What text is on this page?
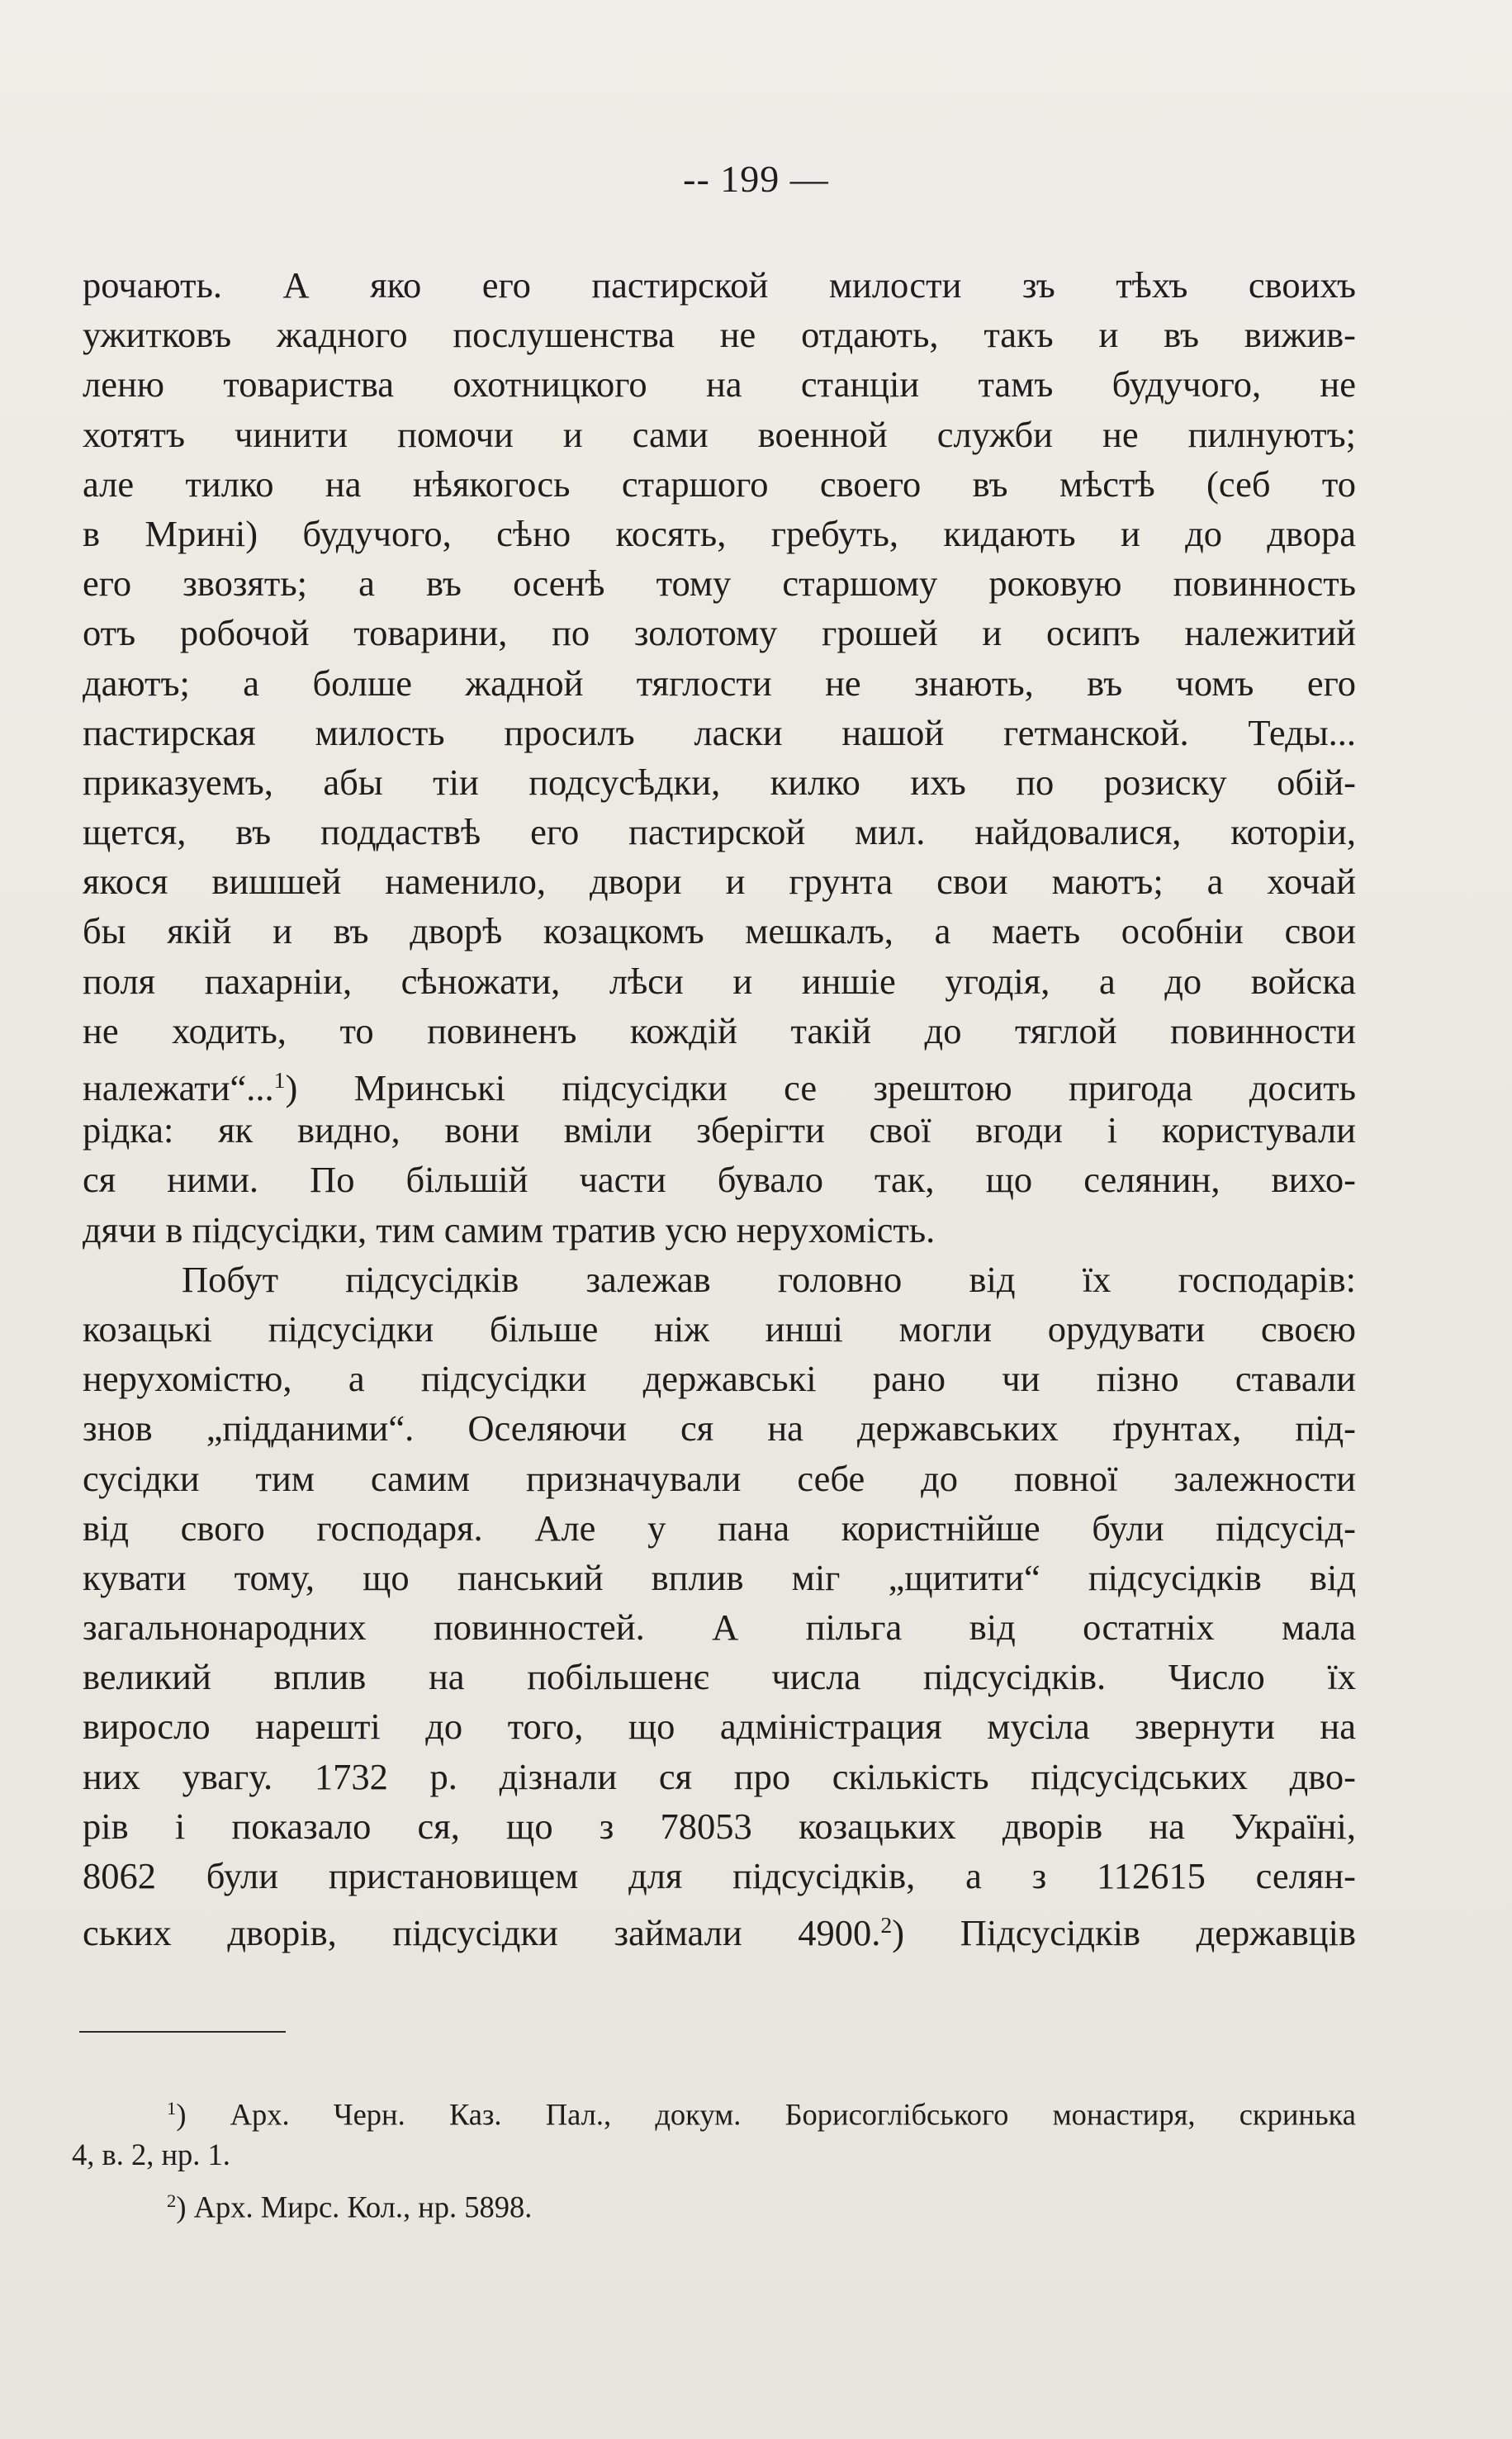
-- 199 —
рочають. А яко его пастирской милости зъ тѣхъ своихъ
ужитковъ жадного послушенства не отдають, такъ и въ вижив-
леню товариства охотницкого на станціи тамъ будучого, не
хотятъ чинити помочи и сами военной служби не пилнуютъ;
але тилко на нѣякогось старшого своего въ мѣстѣ (себ то
в Мрині) будучого, сѣно косять, гребуть, кидають и до двора
его звозять; а въ осенѣ тому старшому роковую повинность
отъ робочой товарини, по золотому грошей и осипъ належитий
даютъ; а болше жадной тяглости не знають, въ чомъ его
пастирская милость просилъ ласки нашой гетманской. Теды...
приказуемъ, абы тіи подсусѣдки, килко ихъ по розиску обій-
щется, въ поддаствѣ его пастирской мил. найдовалися, которіи,
якося вишшей наменило, двори и грунта свои маютъ; а хочай
бы якій и въ дворѣ козацкомъ мешкалъ, а маеть особніи свои
поля пахарніи, сѣножати, лѣси и иншіе угодія, а до войска
не ходить, то повиненъ кождій такій до тяглой повинности
належати“...$^1$) Мринські підсусідки се зрештою пригода досить
рідка: як видно, вони вміли зберігти свої вгоди і користували
ся ними. По більшій части бувало так, що селянин, вихо-
дячи в підсусідки, тим самим тратив усю нерухомість.
Побут підсусідків залежав головно від їх господарів:
козацькі підсусідки більше ніж инші могли орудувати своєю
нерухомістю, а підсусідки державські рано чи пізно ставали
знов „підданими“. Оселяючи ся на державських ґрунтах, під-
сусідки тим самим призначували себе до повної залежности
від свого господаря. Але у пана користнійше були підсусід-
кувати тому, що панський вплив міг „щитити“ підсусідків від
загальнонародних повинностей. А пільга від остатніх мала
великий вплив на побільшенє числа підсусідків. Число їх
виросло нарешті до того, що адміністрация мусіла звернути на
них увагу. 1732 р. дізнали ся про скількість підсусідських дво-
рів і показало ся, що з 78053 козацьких дворів на Україні,
8062 були пристановищем для підсусідків, а з 112615 селян-
ських дворів, підсусідки займали 4900.$^2$) Підсусідків державців
$^1$) Арх. Черн. Каз. Пал., докум. Борисоглібського монастиря, скринька
4, в. 2, нр. 1.
$^2$) Арх. Мирс. Кол., нр. 5898.
